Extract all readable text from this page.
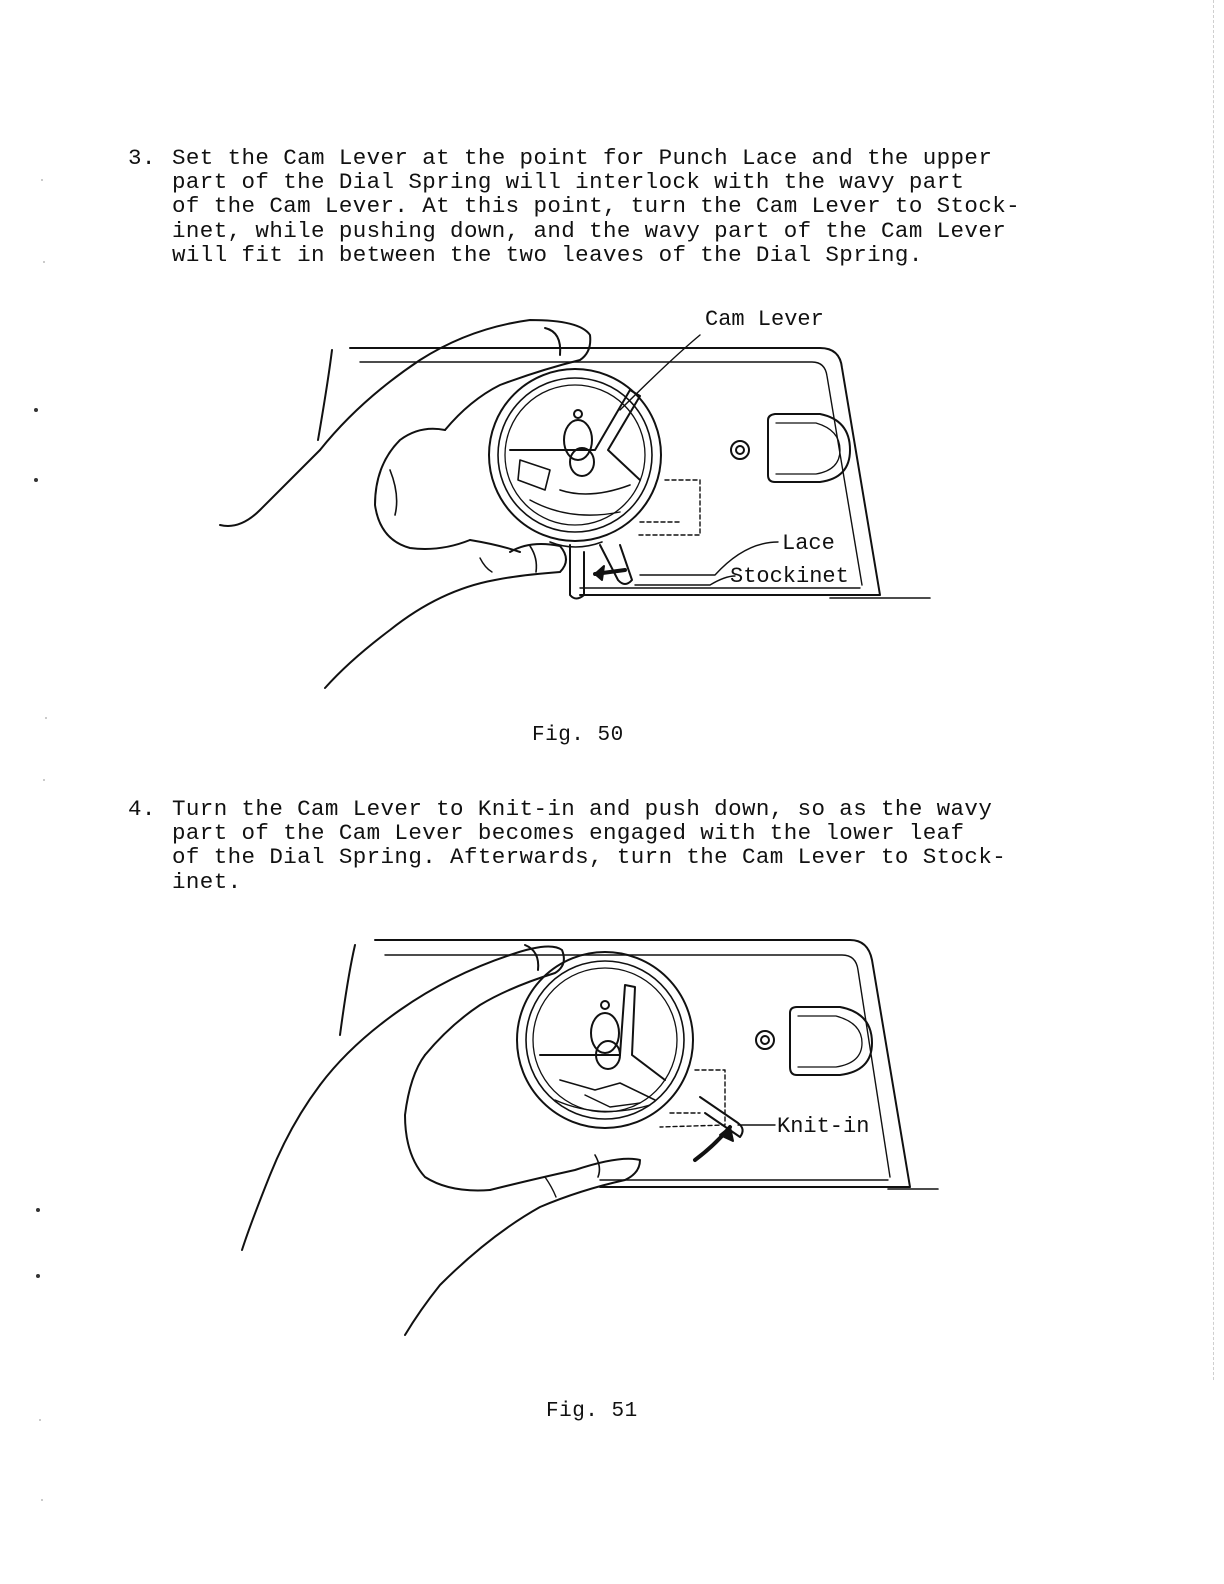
3. Set the Cam Lever at the point for Punch Lace and the upper
part of the Dial Spring will interlock with the wavy part
of the Cam Lever. At this point, turn the Cam Lever to Stock-
inet, while pushing down, and the wavy part of the Cam Lever
will fit in between the two leaves of the Dial Spring.
Cam Lever
Lace
Stockinet
Fig. 50
4. Turn the Cam Lever to Knit-in and push down, so as the wavy
part of the Cam Lever becomes engaged with the lower leaf
of the Dial Spring. Afterwards, turn the Cam Lever to Stock-
inet.
Knit-in
Fig. 51
